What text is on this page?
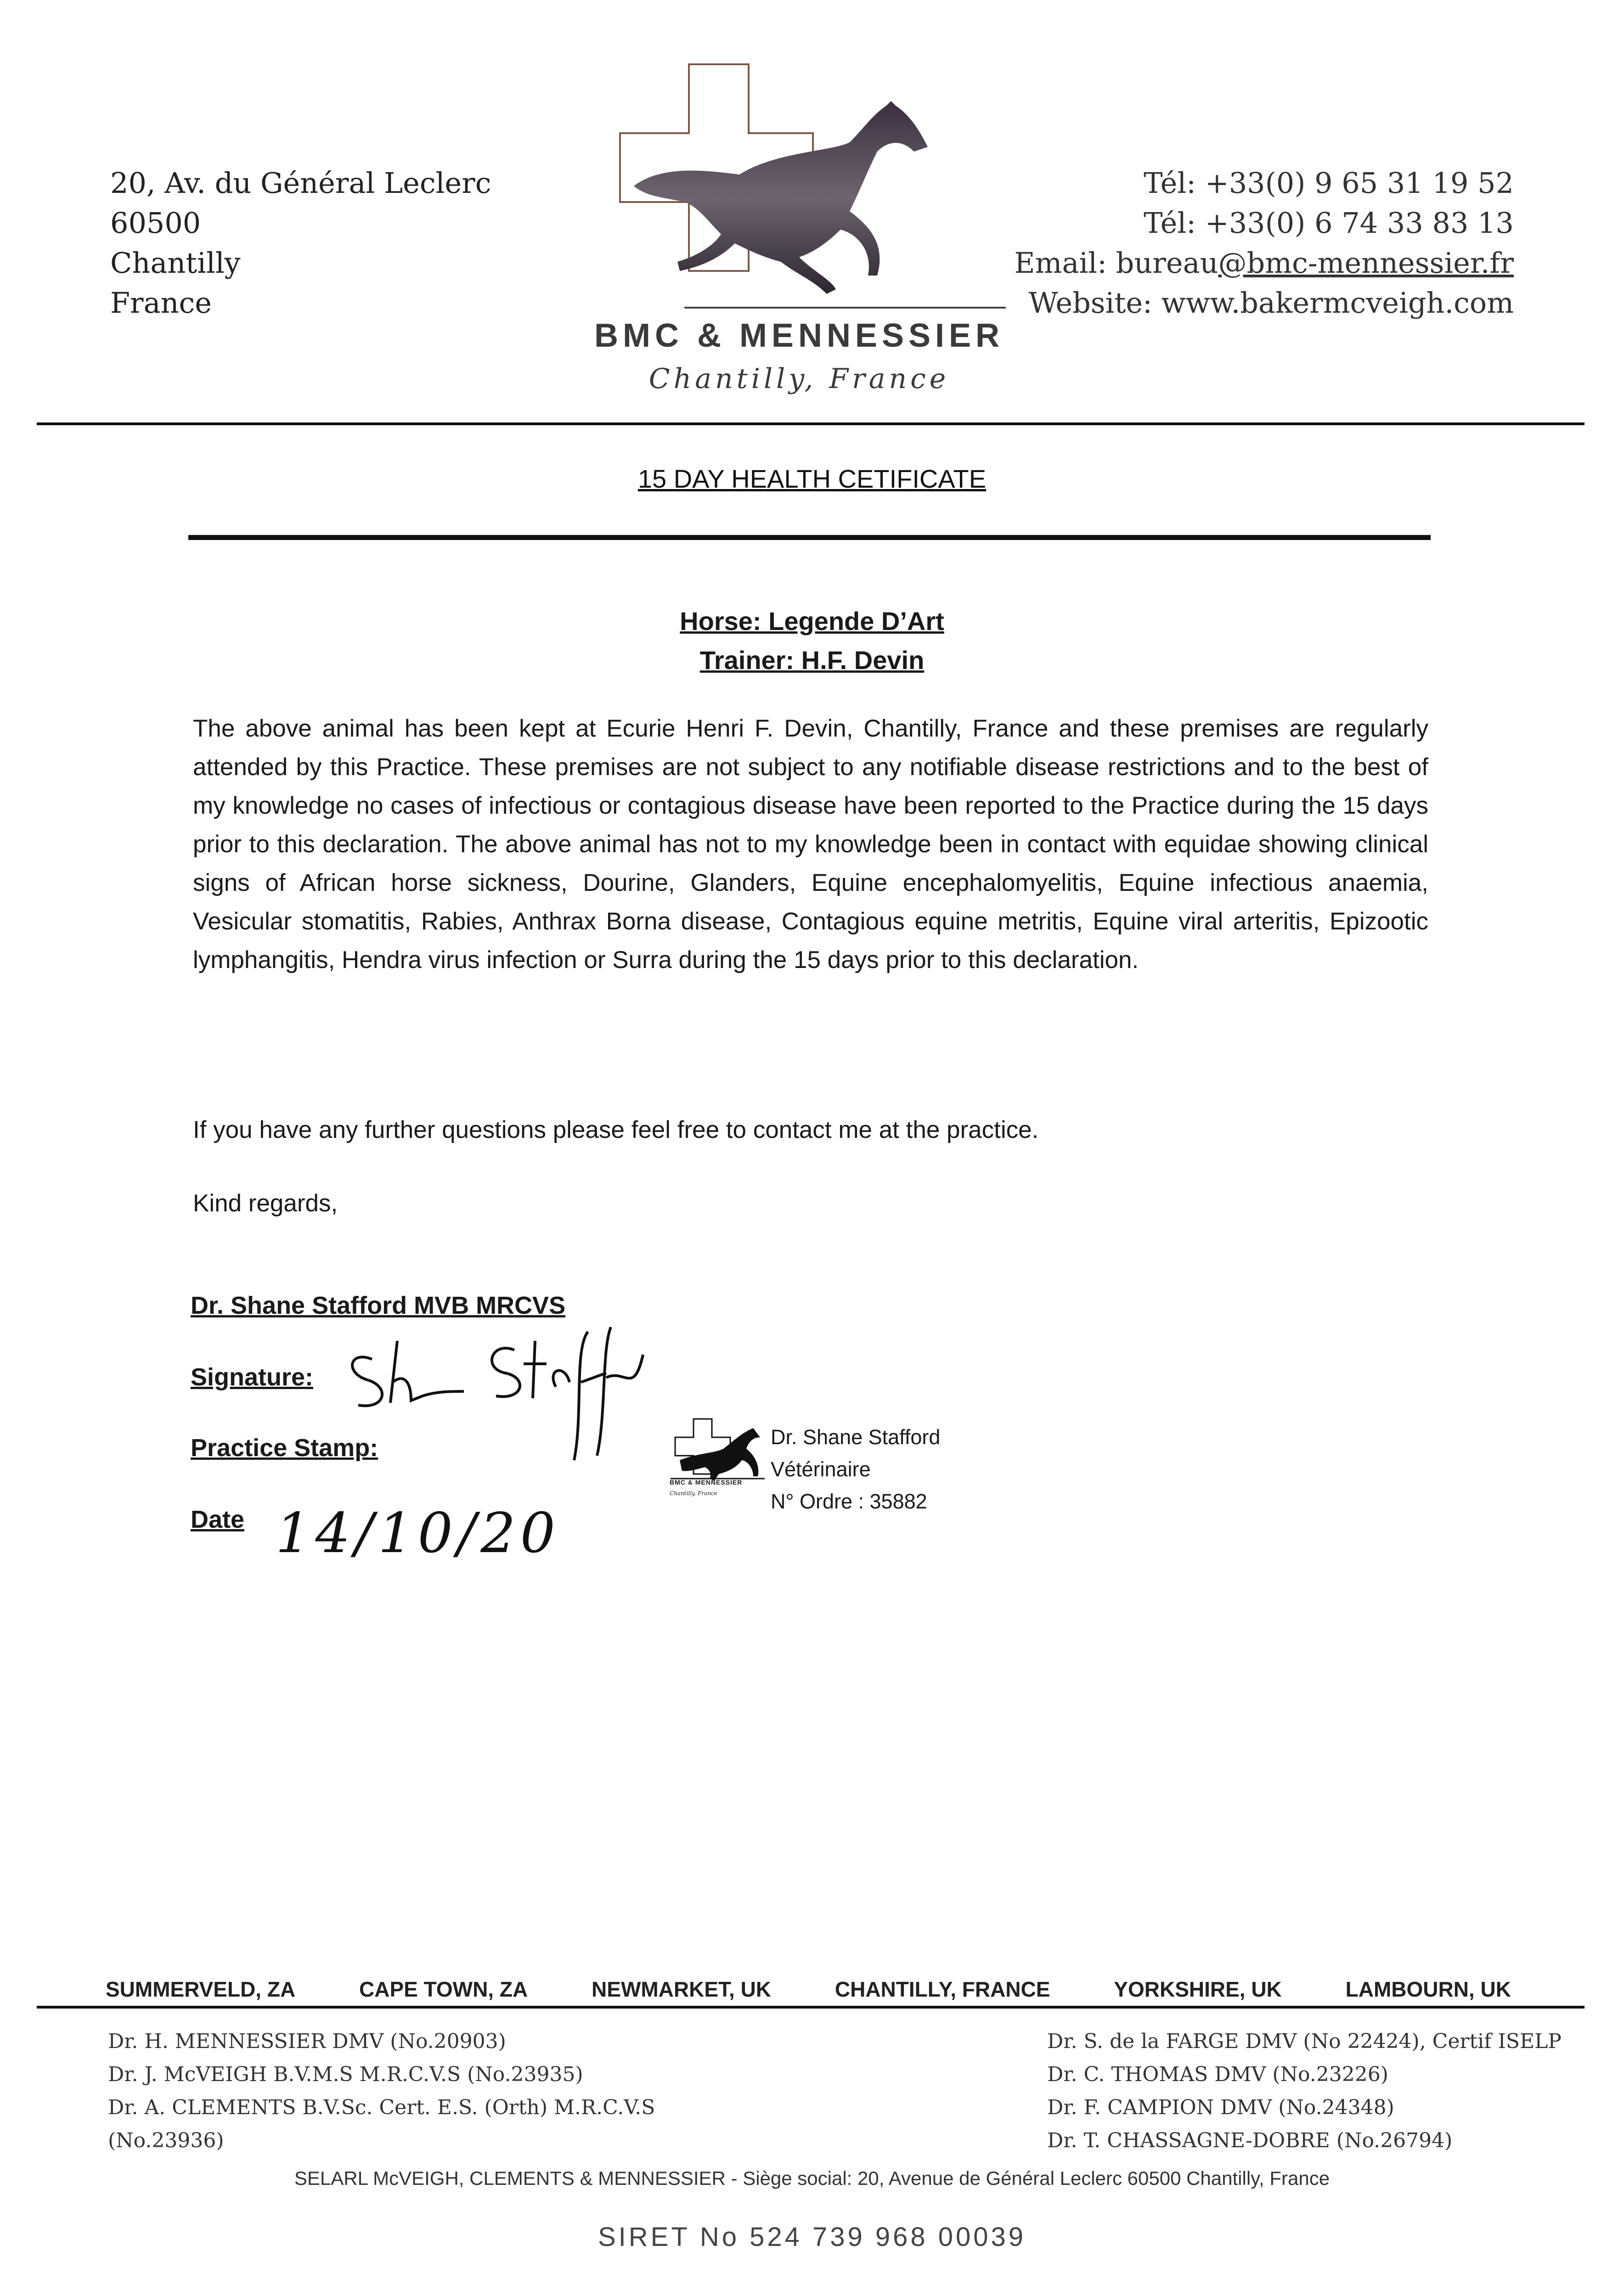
20, Av. du Général Leclerc
60500
Chantilly
France
BMC & MENNESSIER
Chantilly, France
Tél: +33(0) 9 65 31 19 52
Tél: +33(0) 6 74 33 83 13
Email: bureau@bmc-mennessier.fr
Website: www.bakermcveigh.com
15 DAY HEALTH CETIFICATE
Horse: Legende D’Art
Trainer: H.F. Devin
The above animal has been kept at Ecurie Henri F. Devin, Chantilly, France and these premises are regularly attended by this Practice. These premises are not subject to any notifiable disease restrictions and to the best of my knowledge no cases of infectious or contagious disease have been reported to the Practice during the 15 days prior to this declaration. The above animal has not to my knowledge been in contact with equidae showing clinical signs of African horse sickness, Dourine, Glanders, Equine encephalomyelitis, Equine infectious anaemia, Vesicular stomatitis, Rabies, Anthrax Borna disease, Contagious equine metritis, Equine viral arteritis, Epizootic lymphangitis, Hendra virus infection or Surra during the 15 days prior to this declaration.
If you have any further questions please feel free to contact me at the practice.
Kind regards,
Dr. Shane Stafford MVB MRCVS
Signature:
Practice Stamp:
Date 14/10/20
BMC & MENNESSIER
Chantilly, France
Dr. Shane Stafford
Vétérinaire
N° Ordre : 35882
SUMMERVELD, ZA	CAPE TOWN, ZA	NEWMARKET, UK	CHANTILLY, FRANCE	YORKSHIRE, UK	LAMBOURN, UK
Dr. H. MENNESSIER DMV (No.20903)
Dr. J. McVEIGH B.V.M.S M.R.C.V.S (No.23935)
Dr. A. CLEMENTS B.V.Sc. Cert. E.S. (Orth) M.R.C.V.S
(No.23936)
Dr. S. de la FARGE DMV (No 22424), Certif ISELP
Dr. C. THOMAS DMV (No.23226)
Dr. F. CAMPION DMV (No.24348)
Dr. T. CHASSAGNE-DOBRE (No.26794)
SELARL McVEIGH, CLEMENTS & MENNESSIER - Siège social: 20, Avenue de Général Leclerc 60500 Chantilly, France
SIRET No 524 739 968 00039
